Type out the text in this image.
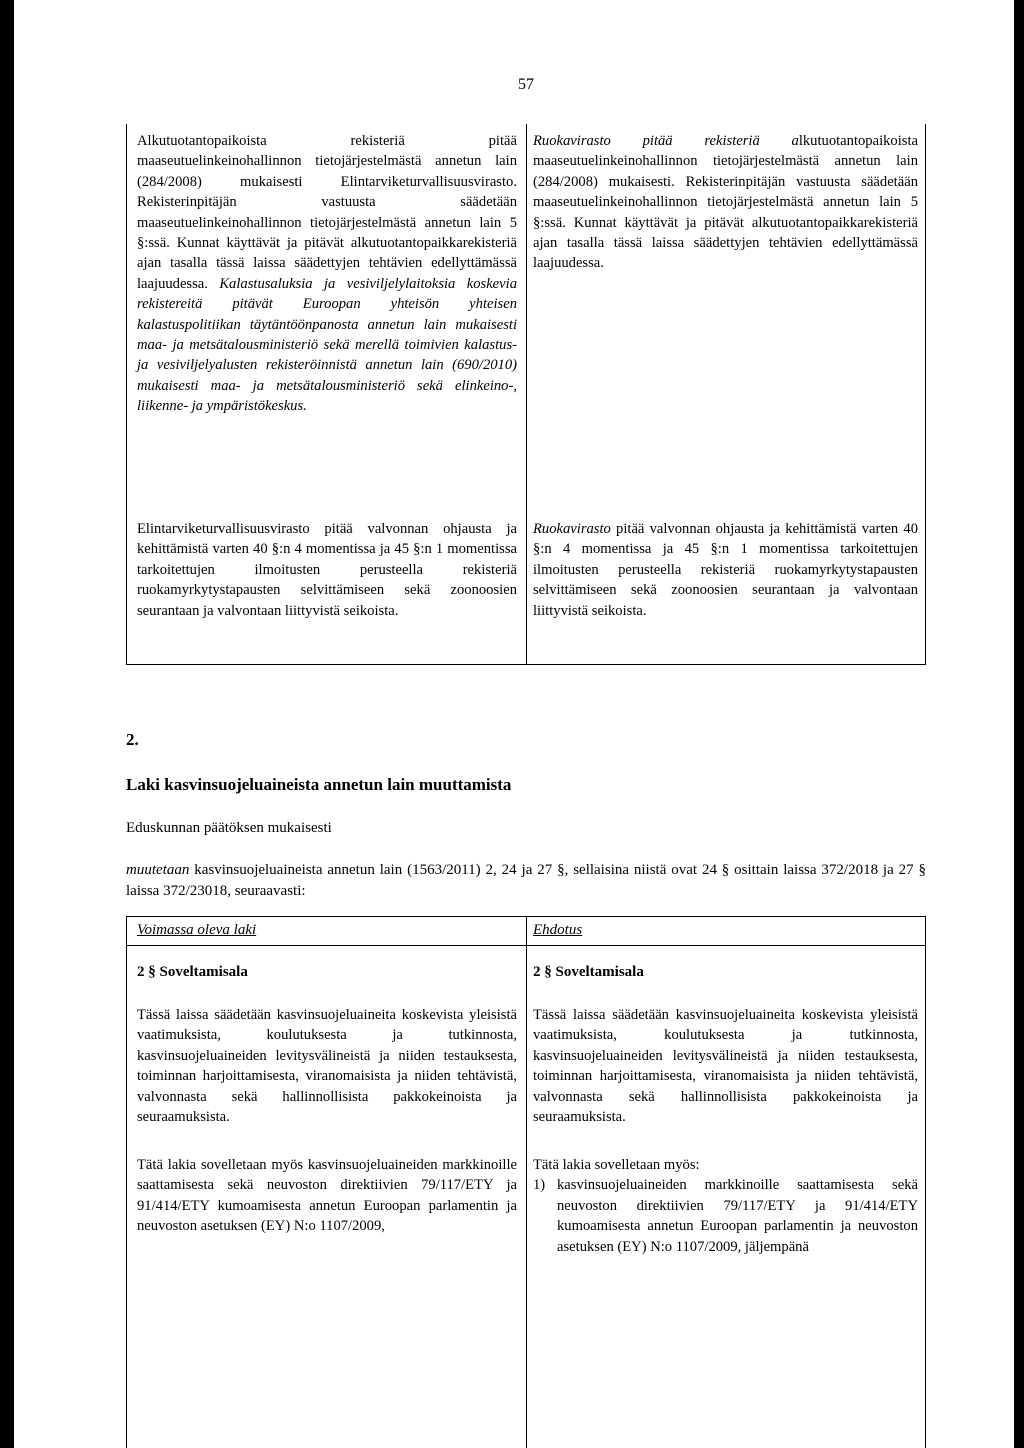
57

Alkutuotantopaikoista rekisteriä pitää maaseutuelinkeinohallinnon tietojärjestelmästä annetun lain (284/2008) mukaisesti Elintarviketurvallisuusvirasto. Rekisterinpitäjän vastuusta säädetään maaseutuelinkeinohallinnon tietojärjestelmästä annetun lain 5 §:ssä. Kunnat käyttävät ja pitävät alkutuotantopaikkarekisteriä ajan tasalla tässä laissa säädettyjen tehtävien edellyttämässä laajuudessa. Kalastusaluksia ja vesiviljelylaitoksia koskevia rekistereitä pitävät Euroopan yhteisön yhteisen kalastuspolitiikan täytäntöönpanosta annetun lain mukaisesti maa- ja metsätalousministeriö sekä merellä toimivien kalastus- ja vesiviljelyalusten rekisteröinnistä annetun lain (690/2010) mukaisesti maa- ja metsätalousministeriö sekä elinkeino-, liikenne- ja ympäristökeskus.

Ruokavirasto pitää rekisteriä alkutuotantopaikoista maaseutuelinkeinohallinnon tietojärjestelmästä annetun lain (284/2008) mukaisesti. Rekisterinpitäjän vastuusta säädetään maaseutuelinkeinohallinnon tietojärjestelmästä annetun lain 5 §:ssä. Kunnat käyttävät ja pitävät alkutuotantopaikkarekisteriä ajan tasalla tässä laissa säädettyjen tehtävien edellyttämässä laajuudessa.

Elintarviketurvallisuusvirasto pitää valvonnan ohjausta ja kehittämistä varten 40 §:n 4 momentissa ja 45 §:n 1 momentissa tarkoitettujen ilmoitusten perusteella rekisteriä ruokamyrkytystapausten selvittämiseen sekä zoonoosien seurantaan ja valvontaan liittyvistä seikoista.

Ruokavirasto pitää valvonnan ohjausta ja kehittämistä varten 40 §:n 4 momentissa ja 45 §:n 1 momentissa tarkoitettujen ilmoitusten perusteella rekisteriä ruokamyrkytystapausten selvittämiseen sekä zoonoosien seurantaan ja valvontaan liittyvistä seikoista.

2.
Laki kasvinsuojeluaineista annetun lain muuttamista
Eduskunnan päätöksen mukaisesti

muutetaan kasvinsuojeluaineista annetun lain (1563/2011) 2, 24 ja 27 §, sellaisina niistä ovat 24 § osittain laissa 372/2018 ja 27 § laissa 372/23018, seuraavasti:

Voimassa oleva laki	Ehdotus
2 § Soveltamisala	2 § Soveltamisala
Tässä laissa säädetään kasvinsuojeluaineita koskevista yleisistä vaatimuksista, koulutuksesta ja tutkinnosta, kasvinsuojeluaineiden levitysvälineistä ja niiden testauksesta, toiminnan harjoittamisesta, viranomaisista ja niiden tehtävistä, valvonnasta sekä hallinnollisista pakkokeinoista ja seuraamuksista.
Tässä laissa säädetään kasvinsuojeluaineita koskevista yleisistä vaatimuksista, koulutuksesta ja tutkinnosta, kasvinsuojeluaineiden levitysvälineistä ja niiden testauksesta, toiminnan harjoittamisesta, viranomaisista ja niiden tehtävistä, valvonnasta sekä hallinnollisista pakkokeinoista ja seuraamuksista.
Tätä lakia sovelletaan myös kasvinsuojeluaineiden markkinoille saattamisesta sekä neuvoston direktiivien 79/117/ETY ja 91/414/ETY kumoamisesta annetun Euroopan parlamentin ja neuvoston asetuksen (EY) N:o 1107/2009,

Tätä lakia sovelletaan myös:

1) kasvinsuojeluaineiden markkinoille saattamisesta sekä neuvoston direktiivien 79/117/ETY ja 91/414/ETY kumoamisesta annetun Euroopan parlamentin ja neuvoston asetuksen (EY) N:o 1107/2009, jäljempänä
